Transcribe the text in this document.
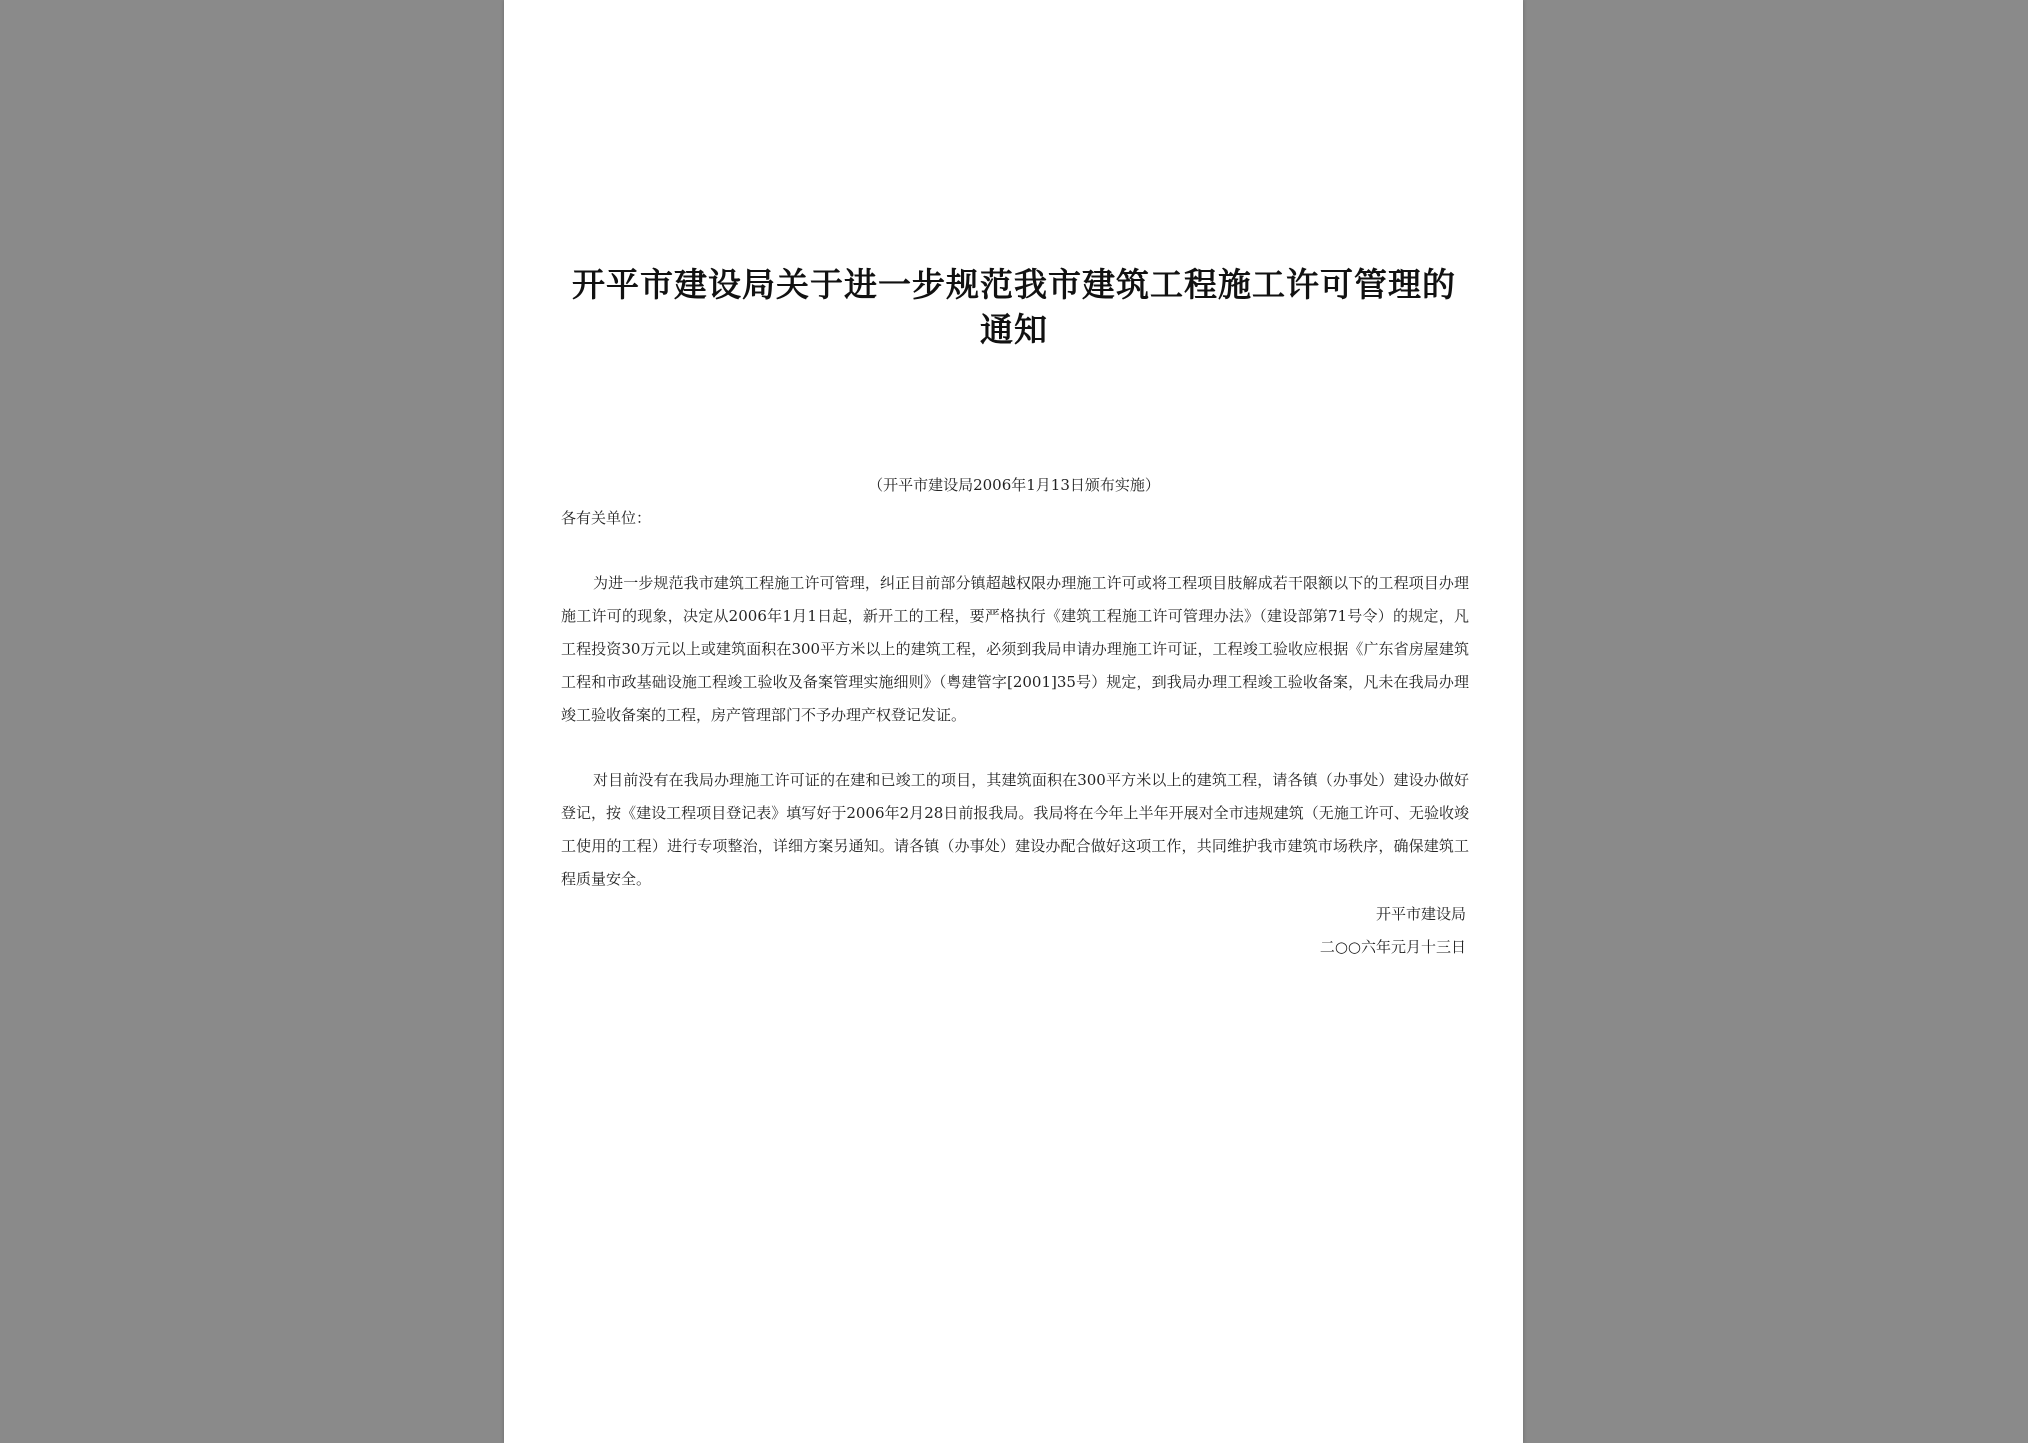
开平市建设局关于进一步规范我市建筑工程施工许可管理的通知
（开平市建设局2006年1月13日颁布实施）
各有关单位：

为进一步规范我市建筑工程施工许可管理，纠正目前部分镇超越权限办理施工许可或将工程项目肢解成若干限额以下的工程项目办理施工许可的现象，决定从2006年1月1日起，新开工的工程，要严格执行《建筑工程施工许可管理办法》（建设部第71号令）的规定，凡工程投资30万元以上或建筑面积在300平方米以上的建筑工程，必须到我局申请办理施工许可证，工程竣工验收应根据《广东省房屋建筑工程和市政基础设施工程竣工验收及备案管理实施细则》（粤建管字[2001]35号）规定，到我局办理工程竣工验收备案，凡未在我局办理竣工验收备案的工程，房产管理部门不予办理产权登记发证。

对目前没有在我局办理施工许可证的在建和已竣工的项目，其建筑面积在300平方米以上的建筑工程，请各镇（办事处）建设办做好登记，按《建设工程项目登记表》填写好于2006年2月28日前报我局。我局将在今年上半年开展对全市违规建筑（无施工许可、无验收竣工使用的工程）进行专项整治，详细方案另通知。请各镇（办事处）建设办配合做好这项工作，共同维护我市建筑市场秩序，确保建筑工程质量安全。

开平市建设局
二○○六年元月十三日
